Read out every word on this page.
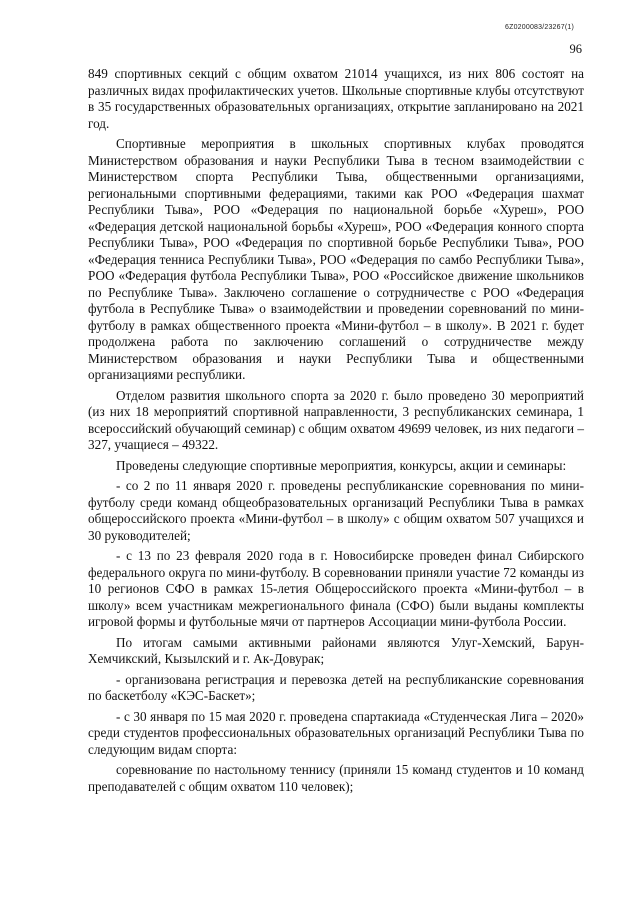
6Z0200083/23267(1)
96

849 спортивных секций с общим охватом 21014 учащихся, из них 806 состоят на различных видах профилактических учетов. Школьные спортивные клубы отсутствуют в 35 государственных образовательных организациях, открытие запланировано на 2021 год.

Спортивные мероприятия в школьных спортивных клубах проводятся Министерством образования и науки Республики Тыва в тесном взаимодействии с Министерством спорта Республики Тыва, общественными организациями, региональными спортивными федерациями, такими как РОО «Федерация шахмат Республики Тыва», РОО «Федерация по национальной борьбе «Хуреш», РОО «Федерация детской национальной борьбы «Хуреш», РОО «Федерация конного спорта Республики Тыва», РОО «Федерация по спортивной борьбе Республики Тыва», РОО «Федерация тенниса Республики Тыва», РОО «Федерация по самбо Республики Тыва», РОО «Федерация футбола Республики Тыва», РОО «Российское движение школьников по Республике Тыва». Заключено соглашение о сотрудничестве с РОО «Федерация футбола в Республике Тыва» о взаимодействии и проведении соревнований по мини-футболу в рамках общественного проекта «Мини-футбол – в школу». В 2021 г. будет продолжена работа по заключению соглашений о сотрудничестве между Министерством образования и науки Республики Тыва и общественными организациями республики.

Отделом развития школьного спорта за 2020 г. было проведено 30 мероприятий (из них 18 мероприятий спортивной направленности, 3 республиканских семинара, 1 всероссийский обучающий семинар) с общим охватом 49699 человек, из них педагоги – 327, учащиеся – 49322.

Проведены следующие спортивные мероприятия, конкурсы, акции и семинары:

- со 2 по 11 января 2020 г. проведены республиканские соревнования по мини-футболу среди команд общеобразовательных организаций Республики Тыва в рамках общероссийского проекта «Мини-футбол – в школу» с общим охватом 507 учащихся и 30 руководителей;

- с 13 по 23 февраля 2020 года в г. Новосибирске проведен финал Сибирского федерального округа по мини-футболу. В соревновании приняли участие 72 команды из 10 регионов СФО в рамках 15-летия Общероссийского проекта «Мини-футбол – в школу» всем участникам межрегионального финала (СФО) были выданы комплекты игровой формы и футбольные мячи от партнеров Ассоциации мини-футбола России.

По итогам самыми активными районами являются Улуг-Хемский, Барун-Хемчикский, Кызылский и г. Ак-Довурак;

- организована регистрация и перевозка детей на республиканские соревнования по баскетболу «КЭС-Баскет»;

- с 30 января по 15 мая 2020 г. проведена спартакиада «Студенческая Лига – 2020» среди студентов профессиональных образовательных организаций Республики Тыва по следующим видам спорта:

соревнование по настольному теннису (приняли 15 команд студентов и 10 команд преподавателей с общим охватом 110 человек);
